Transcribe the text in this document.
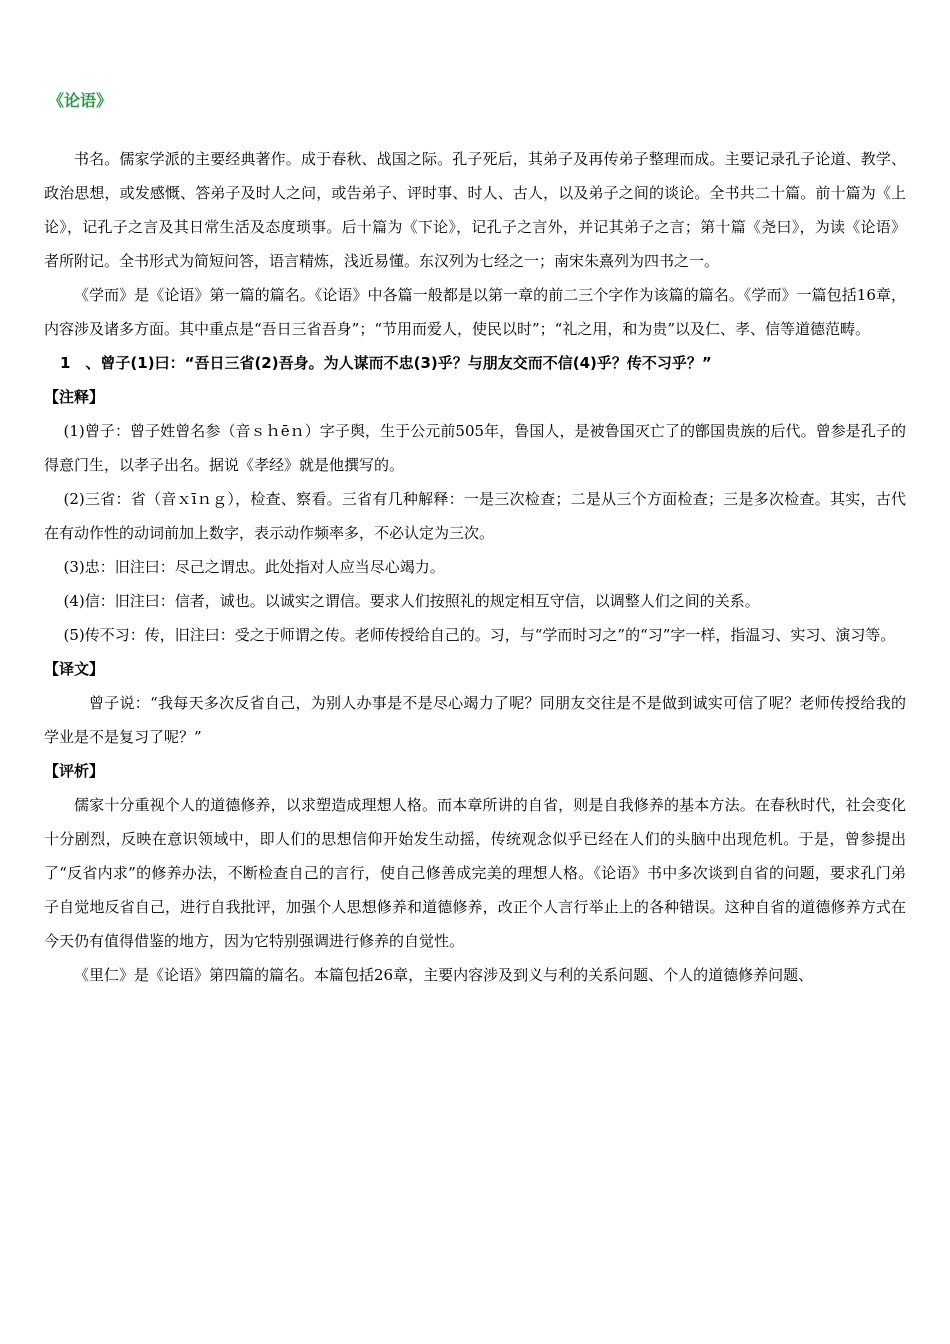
《论语》

书名。儒家学派的主要经典著作。成于春秋、战国之际。孔子死后，其弟子及再传弟子整理而成。主要记录孔子论道、教学、政治思想，或发感慨、答弟子及时人之问，或告弟子、评时事、时人、古人，以及弟子之间的谈论。全书共二十篇。前十篇为《上论》，记孔子之言及其日常生活及态度琐事。后十篇为《下论》，记孔子之言外，并记其弟子之言；第十篇《尧曰》，为读《论语》者所附记。全书形式为简短问答，语言精炼，浅近易懂。东汉列为七经之一；南宋朱熹列为四书之一。

《学而》是《论语》第一篇的篇名。《论语》中各篇一般都是以第一章的前二三个字作为该篇的篇名。《学而》一篇包括16章，内容涉及诸多方面。其中重点是“吾日三省吾身”；“节用而爱人，使民以时”；“礼之用，和为贵”以及仁、孝、信等道德范畴。

1　、曾子(1)曰：“吾日三省(2)吾身。为人谋而不忠(3)乎？与朋友交而不信(4)乎？传不习乎？”

【注释】

(1)曾子：曾子姓曾名参（音ｓｈēｎ）字子舆，生于公元前505年，鲁国人，是被鲁国灭亡了的鄫国贵族的后代。曾参是孔子的得意门生，以孝子出名。据说《孝经》就是他撰写的。

(2)三省：省（音ｘīｎｇ），检查、察看。三省有几种解释：一是三次检查；二是从三个方面检查；三是多次检查。其实，古代在有动作性的动词前加上数字，表示动作频率多，不必认定为三次。

(3)忠：旧注曰：尽己之谓忠。此处指对人应当尽心竭力。

(4)信：旧注曰：信者，诚也。以诚实之谓信。要求人们按照礼的规定相互守信，以调整人们之间的关系。

(5)传不习：传，旧注曰：受之于师谓之传。老师传授给自己的。习，与“学而时习之”的“习”字一样，指温习、实习、演习等。

【译文】

曾子说：“我每天多次反省自己，为别人办事是不是尽心竭力了呢？同朋友交往是不是做到诚实可信了呢？老师传授给我的学业是不是复习了呢？”

【评析】

儒家十分重视个人的道德修养，以求塑造成理想人格。而本章所讲的自省，则是自我修养的基本方法。在春秋时代，社会变化十分剧烈，反映在意识领域中，即人们的思想信仰开始发生动摇，传统观念似乎已经在人们的头脑中出现危机。于是，曾参提出了“反省内求”的修养办法，不断检查自己的言行，使自己修善成完美的理想人格。《论语》书中多次谈到自省的问题，要求孔门弟子自觉地反省自己，进行自我批评，加强个人思想修养和道德修养，改正个人言行举止上的各种错误。这种自省的道德修养方式在今天仍有值得借鉴的地方，因为它特别强调进行修养的自觉性。

《里仁》是《论语》第四篇的篇名。本篇包括26章，主要内容涉及到义与利的关系问题、个人的道德修养问题、
